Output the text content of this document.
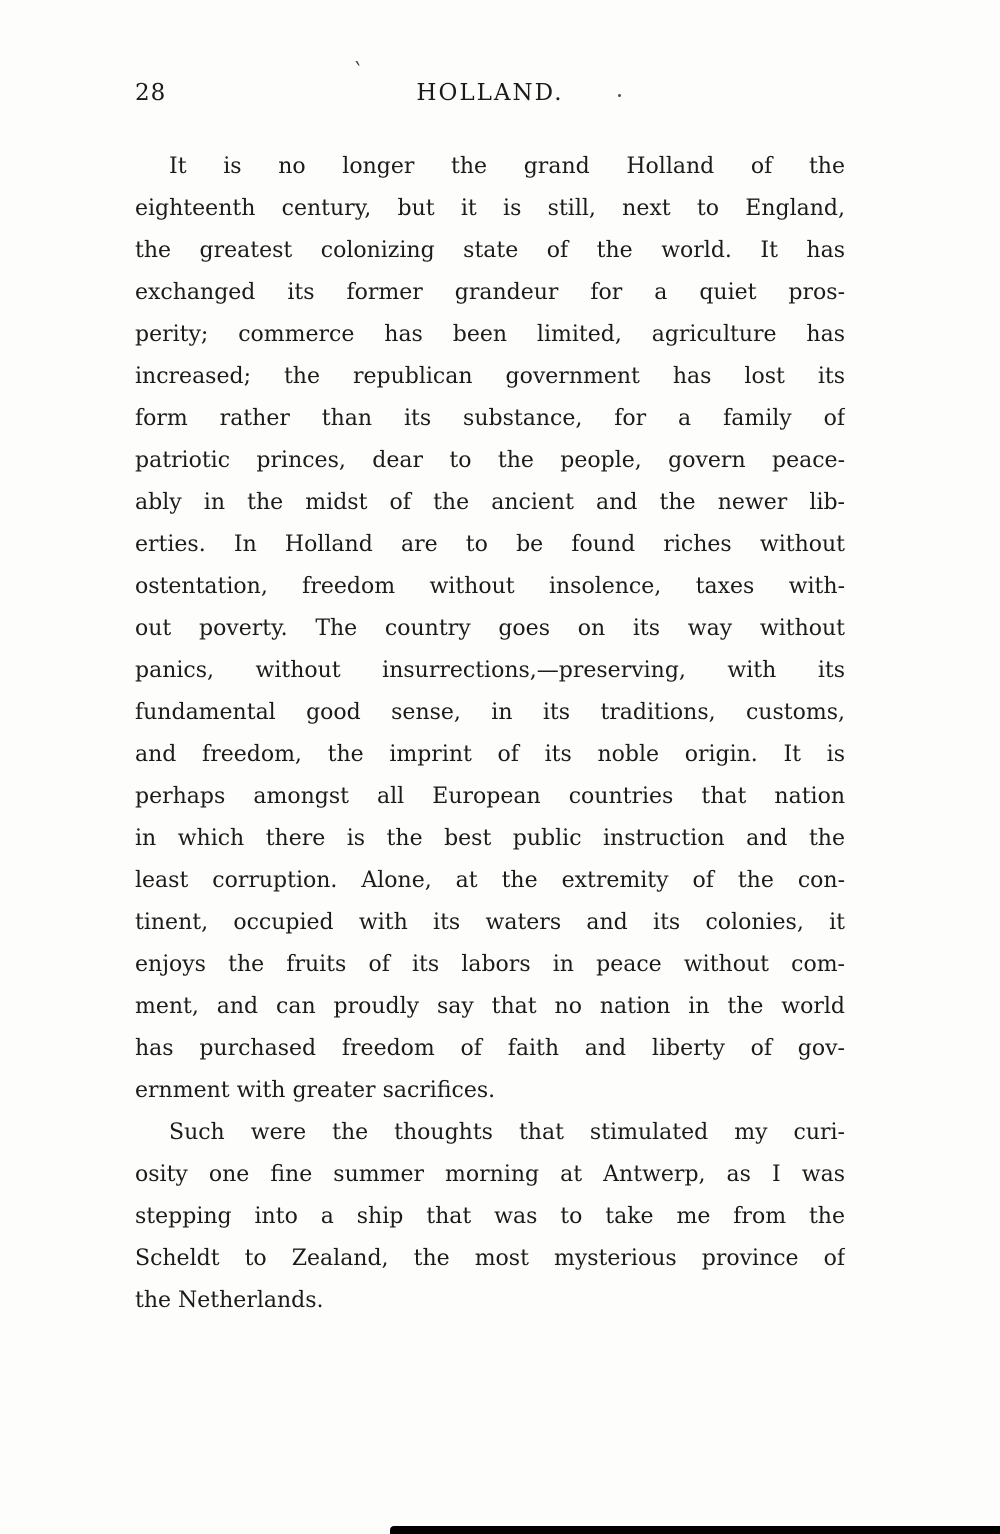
28
`
HOLLAND.
It is no longer the grand Holland of the
eighteenth century, but it is still, next to England,
the greatest colonizing state of the world. It has
exchanged its former grandeur for a quiet pros-
perity; commerce has been limited, agriculture has
increased; the republican government has lost its
form rather than its substance, for a family of
patriotic princes, dear to the people, govern peace-
ably in the midst of the ancient and the newer lib-
erties. In Holland are to be found riches without
ostentation, freedom without insolence, taxes with-
out poverty. The country goes on its way without
panics, without insurrections,—preserving, with its
fundamental good sense, in its traditions, customs,
and freedom, the imprint of its noble origin. It is
perhaps amongst all European countries that nation
in which there is the best public instruction and the
least corruption. Alone, at the extremity of the con-
tinent, occupied with its waters and its colonies, it
enjoys the fruits of its labors in peace without com-
ment, and can proudly say that no nation in the world
has purchased freedom of faith and liberty of gov-
ernment with greater sacrifices.
Such were the thoughts that stimulated my curi-
osity one fine summer morning at Antwerp, as I was
stepping into a ship that was to take me from the
Scheldt to Zealand, the most mysterious province of
the Netherlands.
